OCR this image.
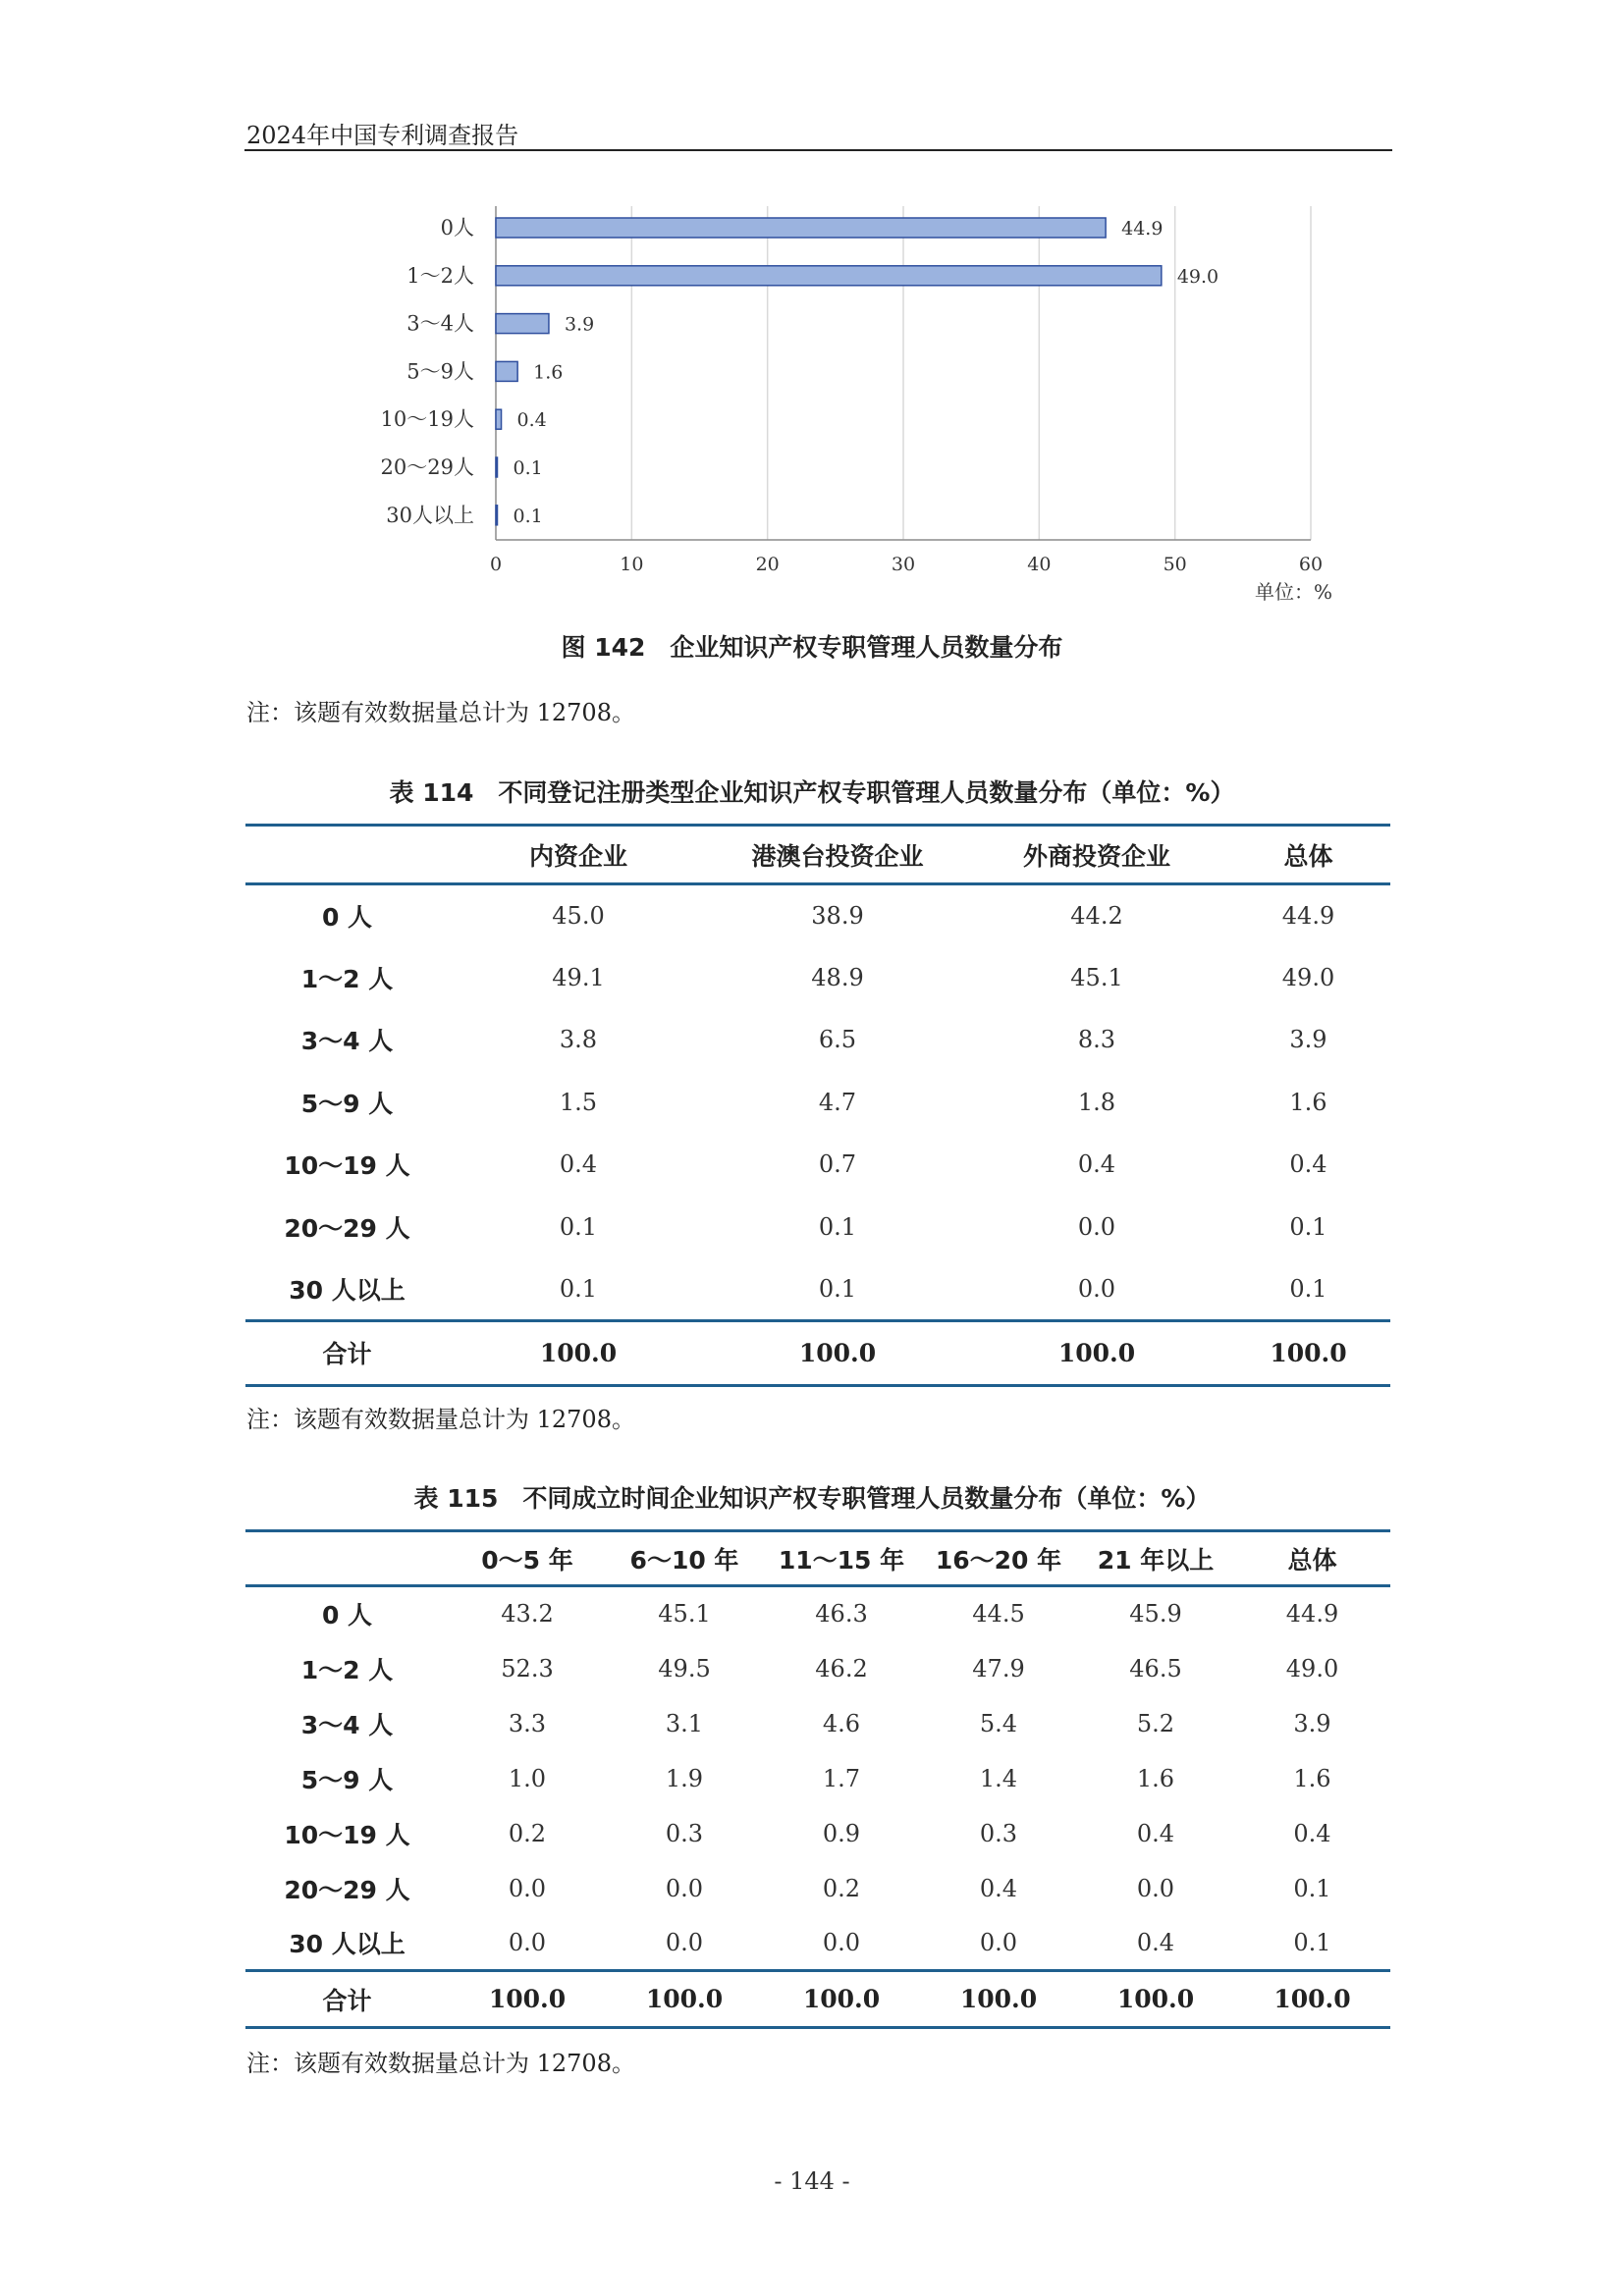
2024年中国专利调查报告
0	10	20	30	40	50	60
0人	44.9
1～2人	49.0
3～4人	3.9
5～9人	1.6
10～19人 0.4
20～29人 0.1
30人以上 0.1
单位：%
图 142　企业知识产权专职管理人员数量分布
注：该题有效数据量总计为 12708。
表 114　不同登记注册类型企业知识产权专职管理人员数量分布（单位：%）
	内资企业	港澳台投资企业	外商投资企业	总体
0 人	45.0	38.9	44.2	44.9
1～2 人	49.1	48.9	45.1	49.0
3～4 人	3.8	6.5	8.3	3.9
5～9 人	1.5	4.7	1.8	1.6
10～19 人	0.4	0.7	0.4	0.4
20～29 人	0.1	0.1	0.0	0.1
30 人以上	0.1	0.1	0.0	0.1
合计	100.0	100.0	100.0	100.0
注：该题有效数据量总计为 12708。
表 115　不同成立时间企业知识产权专职管理人员数量分布（单位：%）
	0～5 年	6～10 年	11～15 年	16～20 年	21 年以上	总体
0 人	43.2	45.1	46.3	44.5	45.9	44.9
1～2 人	52.3	49.5	46.2	47.9	46.5	49.0
3～4 人	3.3	3.1	4.6	5.4	5.2	3.9
5～9 人	1.0	1.9	1.7	1.4	1.6	1.6
10～19 人	0.2	0.3	0.9	0.3	0.4	0.4
20～29 人	0.0	0.0	0.2	0.4	0.0	0.1
30 人以上	0.0	0.0	0.0	0.0	0.4	0.1
合计	100.0	100.0	100.0	100.0	100.0	100.0
注：该题有效数据量总计为 12708。
- 144 -
